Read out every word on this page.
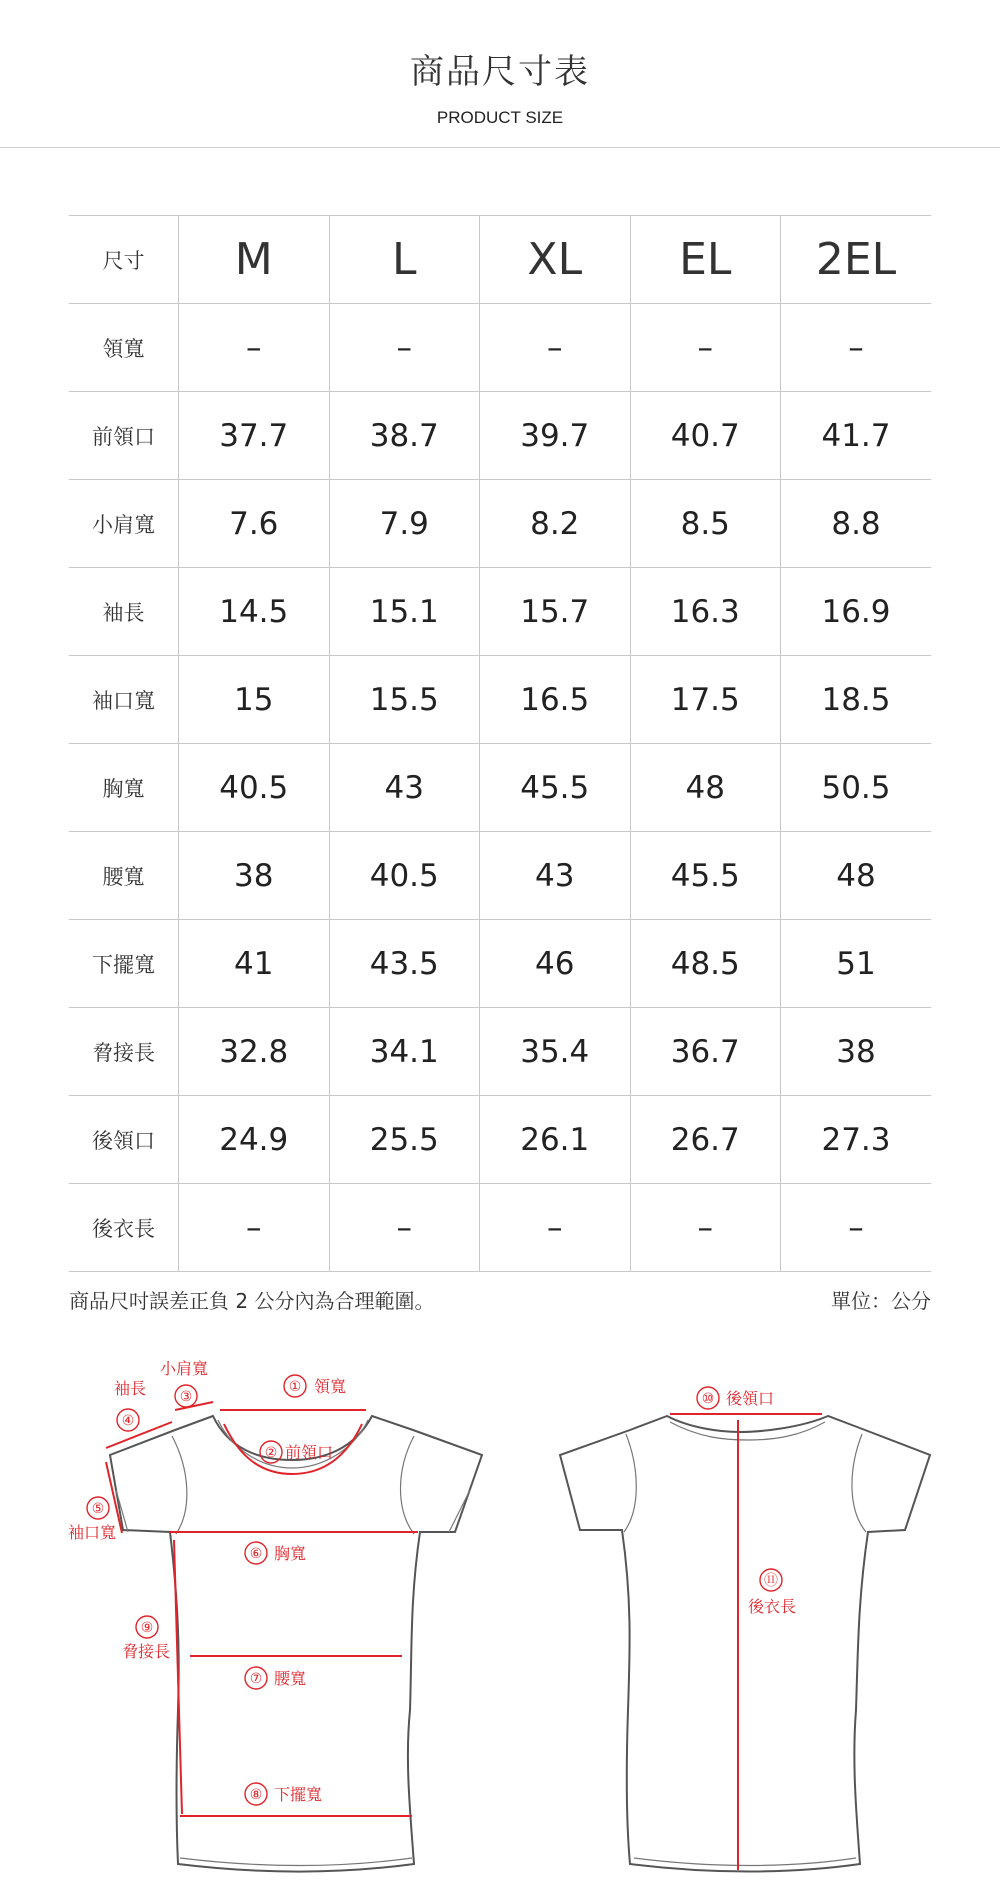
商品尺寸表
PRODUCT SIZE
尺寸	M	L	XL	EL	2EL
領寬	–	–	–	–	–
前領口	37.7	38.7	39.7	40.7	41.7
小肩寬	7.6	7.9	8.2	8.5	8.8
袖長	14.5	15.1	15.7	16.3	16.9
袖口寬	15	15.5	16.5	17.5	18.5
胸寬	40.5	43	45.5	48	50.5
腰寬	38	40.5	43	45.5	48
下擺寬	41	43.5	46	48.5	51
脅接長	32.8	34.1	35.4	36.7	38
後領口	24.9	25.5	26.1	26.7	27.3
後衣長	–	–	–	–	–
商品尺吋誤差正負 2 公分內為合理範圍。	單位：公分
① 領寬
② 前領口
小肩寬
③
袖長
④
⑤
袖口寬
⑥ 胸寬
⑦ 腰寬
⑧ 下擺寬
⑨
脅接長
⑩ 後領口
⑪
後衣長
